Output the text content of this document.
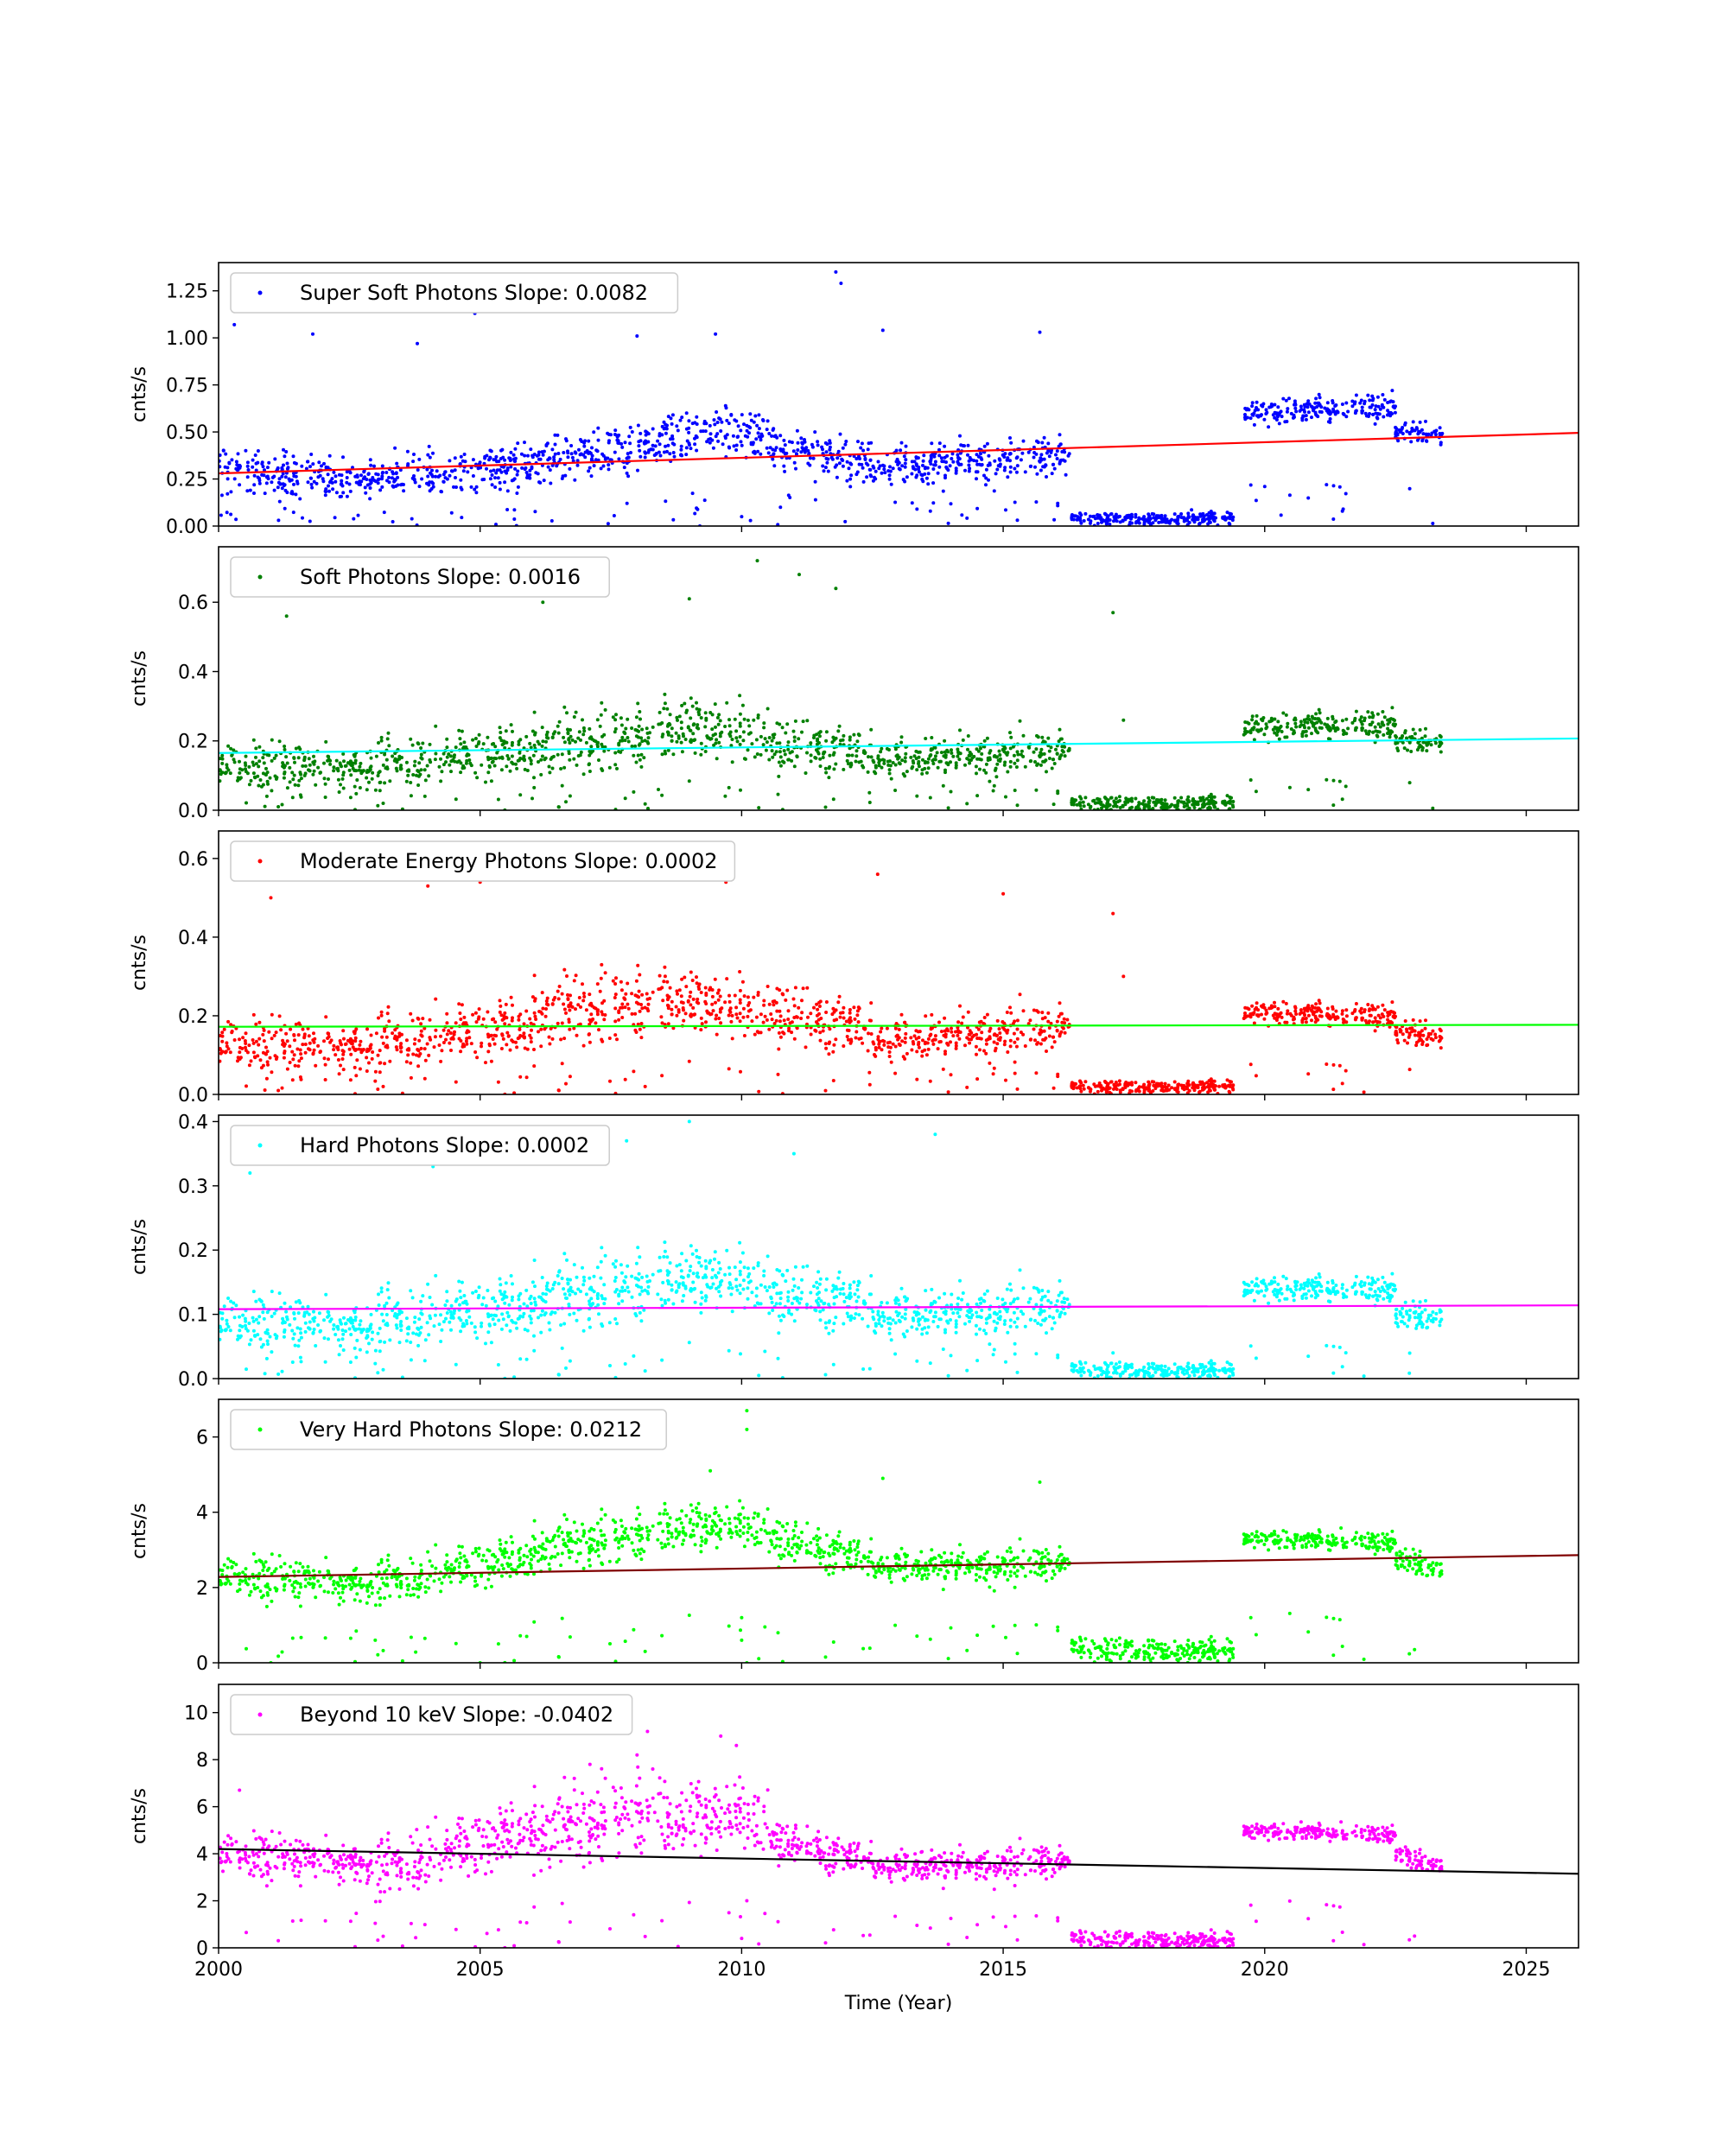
0.00
0.25
0.50
0.75
1.00
1.25
cnts/s
Super Soft Photons Slope: 0.0082
0.0
0.2
0.4
0.6
cnts/s
Soft Photons Slope: 0.0016
0.0
0.2
0.4
0.6
cnts/s
Moderate Energy Photons Slope: 0.0002
0.0
0.1
0.2
0.3
0.4
cnts/s
Hard Photons Slope: 0.0002
0
2
4
6
cnts/s
Very Hard Photons Slope: 0.0212
0
2
4
6
8
10
2000	2005	2010	2015	2020	2025
cnts/s
Beyond 10 keV Slope: -0.0402
Time (Year)
